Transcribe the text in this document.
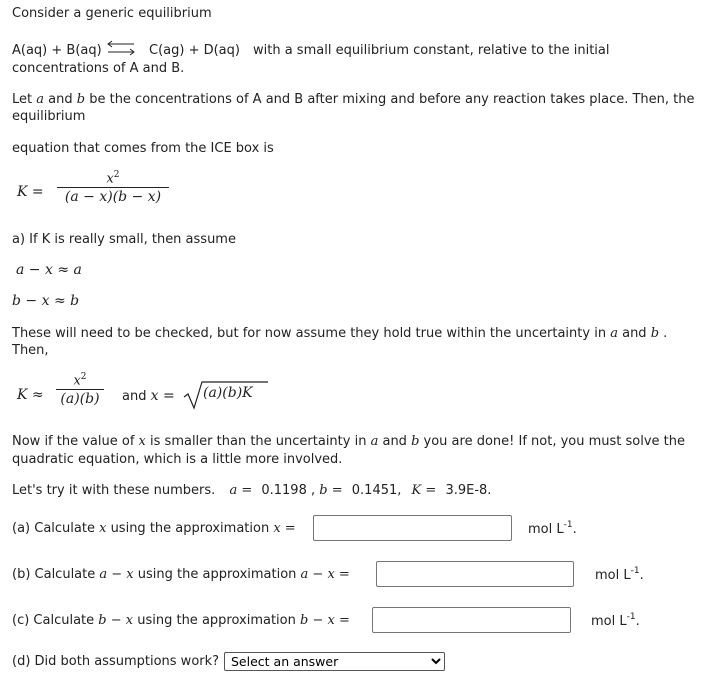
Consider a generic equilibrium
A(aq) + B(aq) ⇌ C(ag) + D(aq) with a small equilibrium constant, relative to the initial
concentrations of A and B.
Let a and b be the concentrations of A and B after mixing and before any reaction takes place. Then, the
equilibrium
equation that comes from the ICE box is
K =
$x^2$
(a − x)(b − x)
a) If K is really small, then assume
a − x ≈ a
b − x ≈ b
These will need to be checked, but for now assume they hold true within the uncertainty in a and b .
Then,
K ≈
$x^2$
(a)(b)	and x = (a)(b)K
Now if the value of x is smaller than the uncertainty in a and b you are done! If not, you must solve the
quadratic equation, which is a little more involved.
Let's try it with these numbers. a = 0.1198 , b = 0.1451, K = 3.9E-8.
(a) Calculate x using the approximation x =	mol $L^{-1}$.
(b) Calculate a − x using the approximation a − x =	mol $L^{-1}$.
(c) Calculate b − x using the approximation b − x =	mol $L^{-1}$.
(d) Did both assumptions work?
Select an answer
